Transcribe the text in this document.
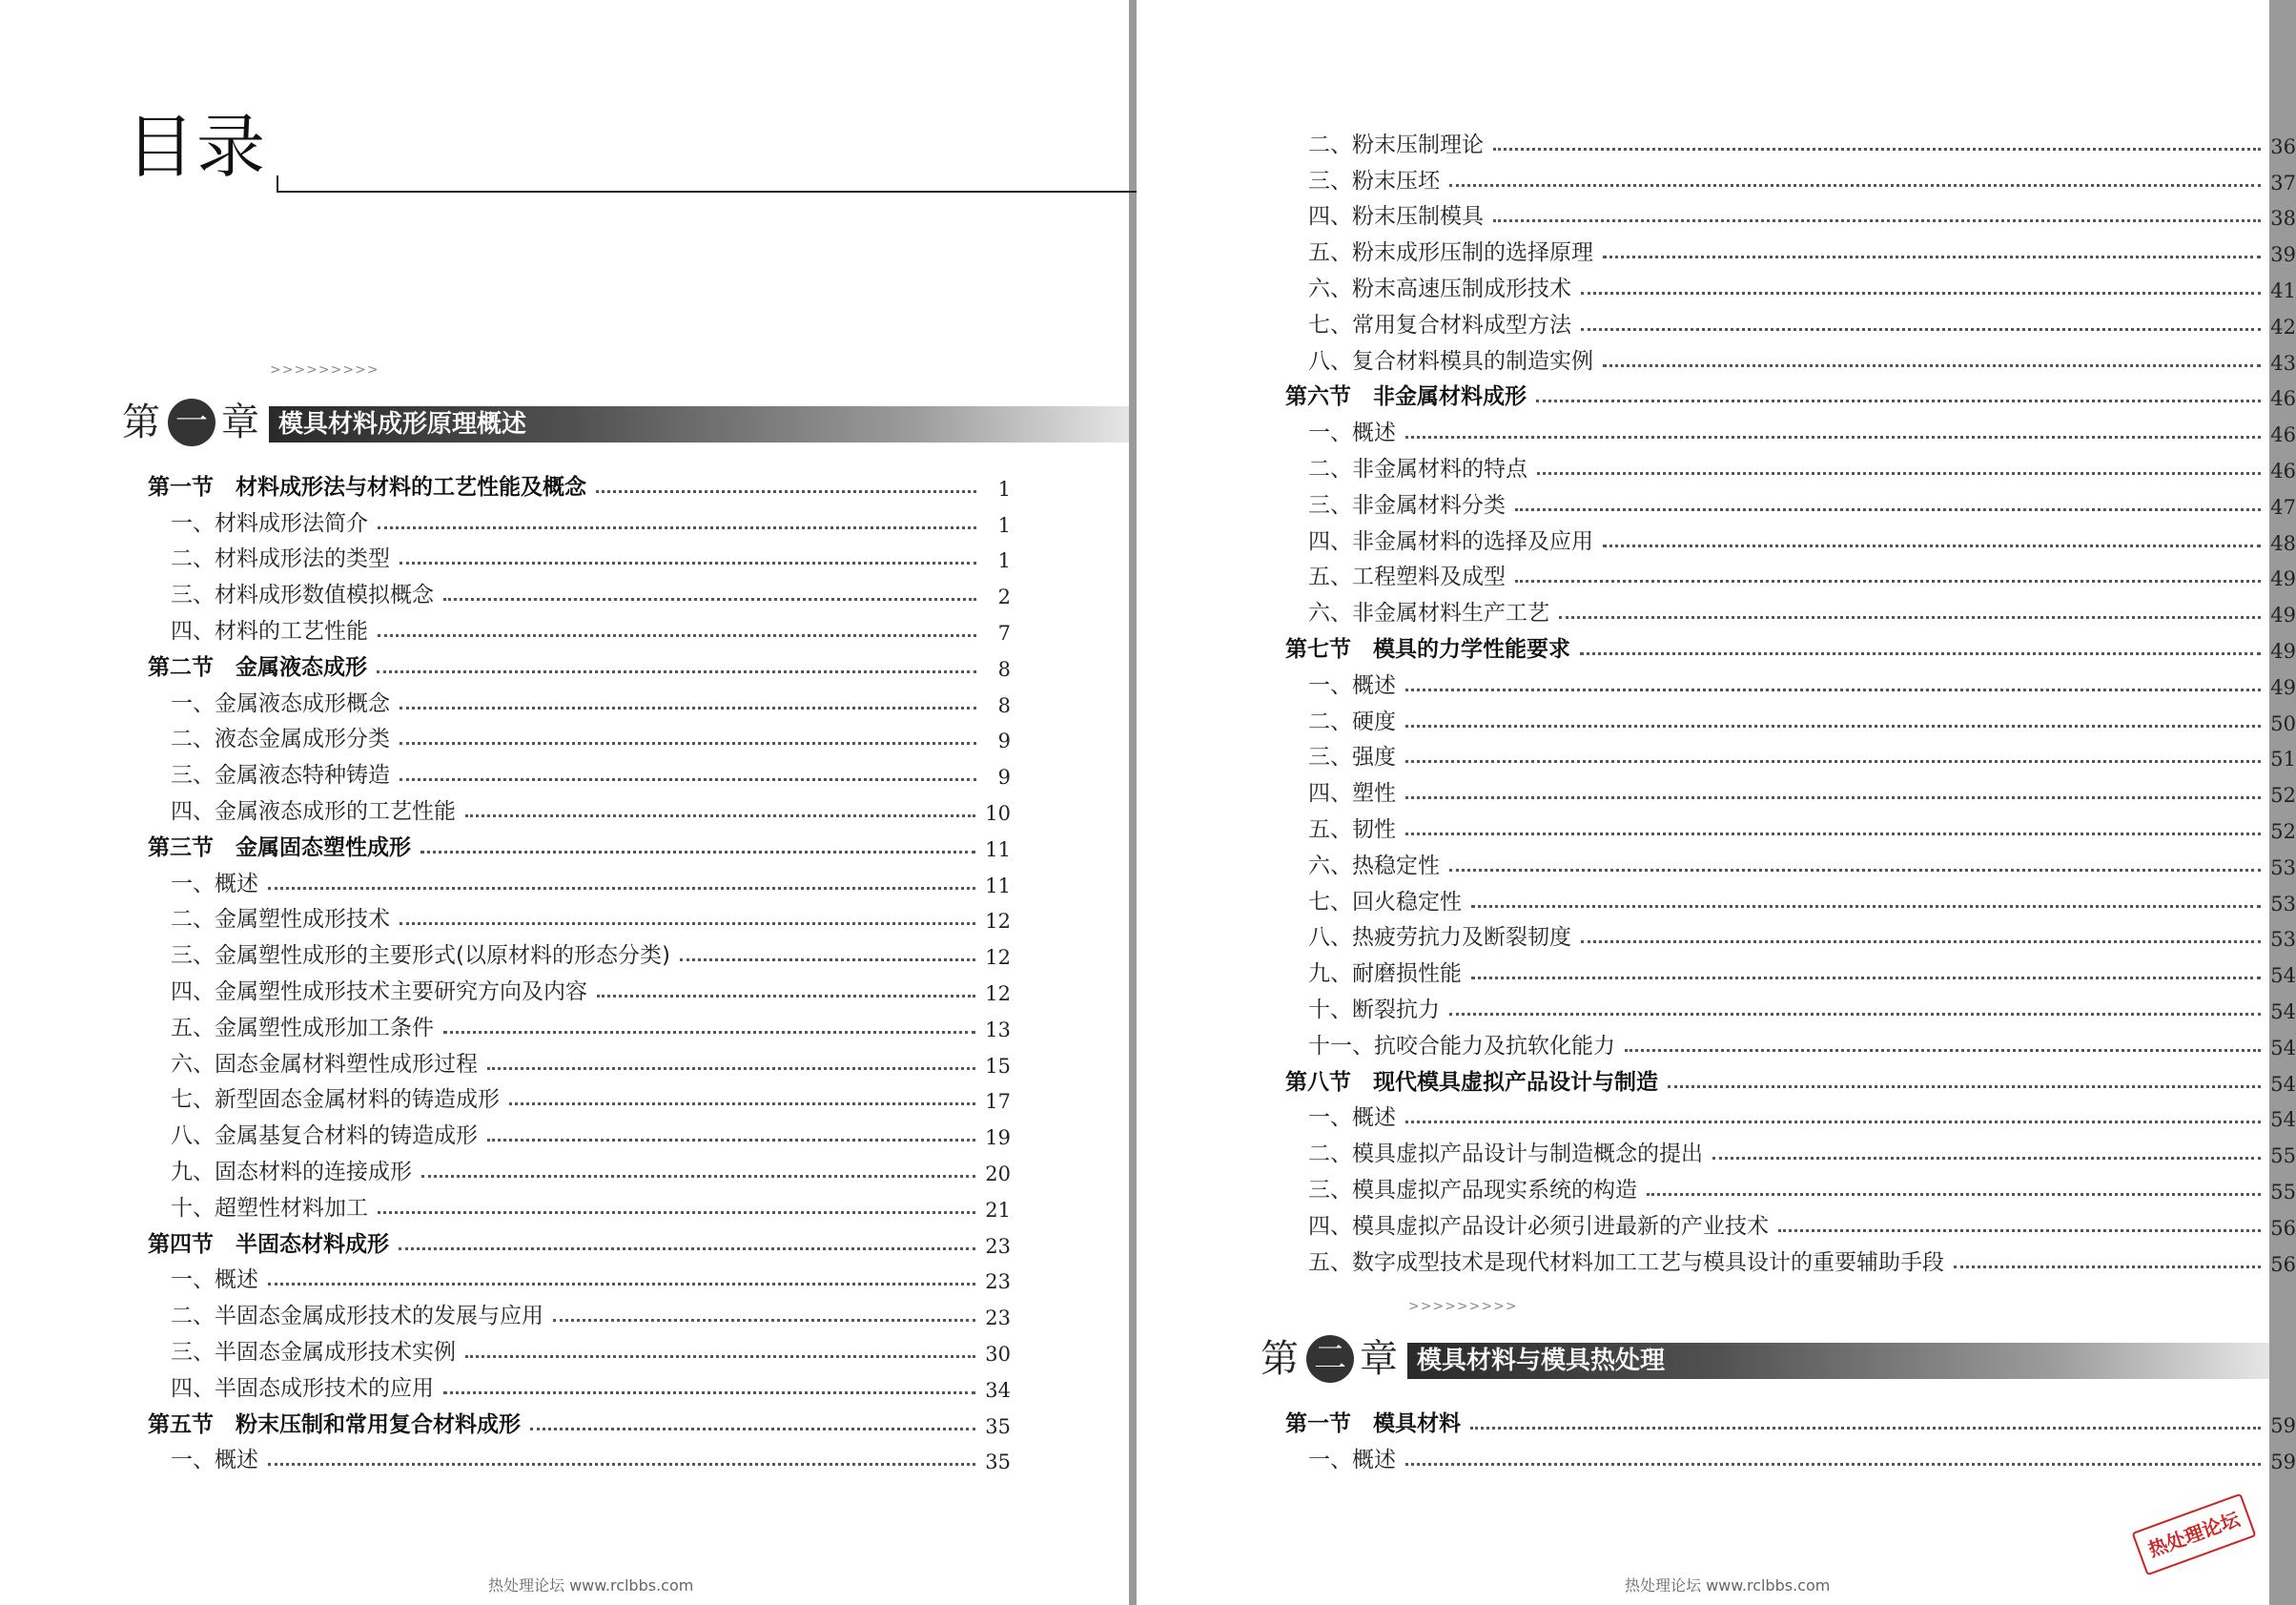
目录
>>>>>>>>>
第 一 章 模具材料成形原理概述
第一节　材料成形法与材料的工艺性能及概念	1
一、材料成形法简介	1
二、材料成形法的类型	1
三、材料成形数值模拟概念	2
四、材料的工艺性能	7
第二节　金属液态成形	8
一、金属液态成形概念	8
二、液态金属成形分类	9
三、金属液态特种铸造	9
四、金属液态成形的工艺性能	10
第三节　金属固态塑性成形	11
一、概述	11
二、金属塑性成形技术	12
三、金属塑性成形的主要形式(以原材料的形态分类)	12
四、金属塑性成形技术主要研究方向及内容	12
五、金属塑性成形加工条件	13
六、固态金属材料塑性成形过程	15
七、新型固态金属材料的铸造成形	17
八、金属基复合材料的铸造成形	19
九、固态材料的连接成形	20
十、超塑性材料加工	21
第四节　半固态材料成形	23
一、概述	23
二、半固态金属成形技术的发展与应用	23
三、半固态金属成形技术实例	30
四、半固态成形技术的应用	34
第五节　粉末压制和常用复合材料成形	35
一、概述	35
热处理论坛 www.rclbbs.com
二、粉末压制理论	36
三、粉末压坯	37
四、粉末压制模具	38
五、粉末成形压制的选择原理	39
六、粉末高速压制成形技术	41
七、常用复合材料成型方法	42
八、复合材料模具的制造实例	43
第六节　非金属材料成形	46
一、概述	46
二、非金属材料的特点	46
三、非金属材料分类	47
四、非金属材料的选择及应用	48
五、工程塑料及成型	49
六、非金属材料生产工艺	49
第七节　模具的力学性能要求	49
一、概述	49
二、硬度	50
三、强度	51
四、塑性	52
五、韧性	52
六、热稳定性	53
七、回火稳定性	53
八、热疲劳抗力及断裂韧度	53
九、耐磨损性能	54
十、断裂抗力	54
十一、抗咬合能力及抗软化能力	54
第八节　现代模具虚拟产品设计与制造	54
一、概述	54
二、模具虚拟产品设计与制造概念的提出	55
三、模具虚拟产品现实系统的构造	55
四、模具虚拟产品设计必须引进最新的产业技术	56
五、数字成型技术是现代材料加工工艺与模具设计的重要辅助手段	56
>>>>>>>>>
第 二 章 模具材料与模具热处理
第一节　模具材料	59
一、概述	59
热处理论坛 www.rclbbs.com
热处理论坛
